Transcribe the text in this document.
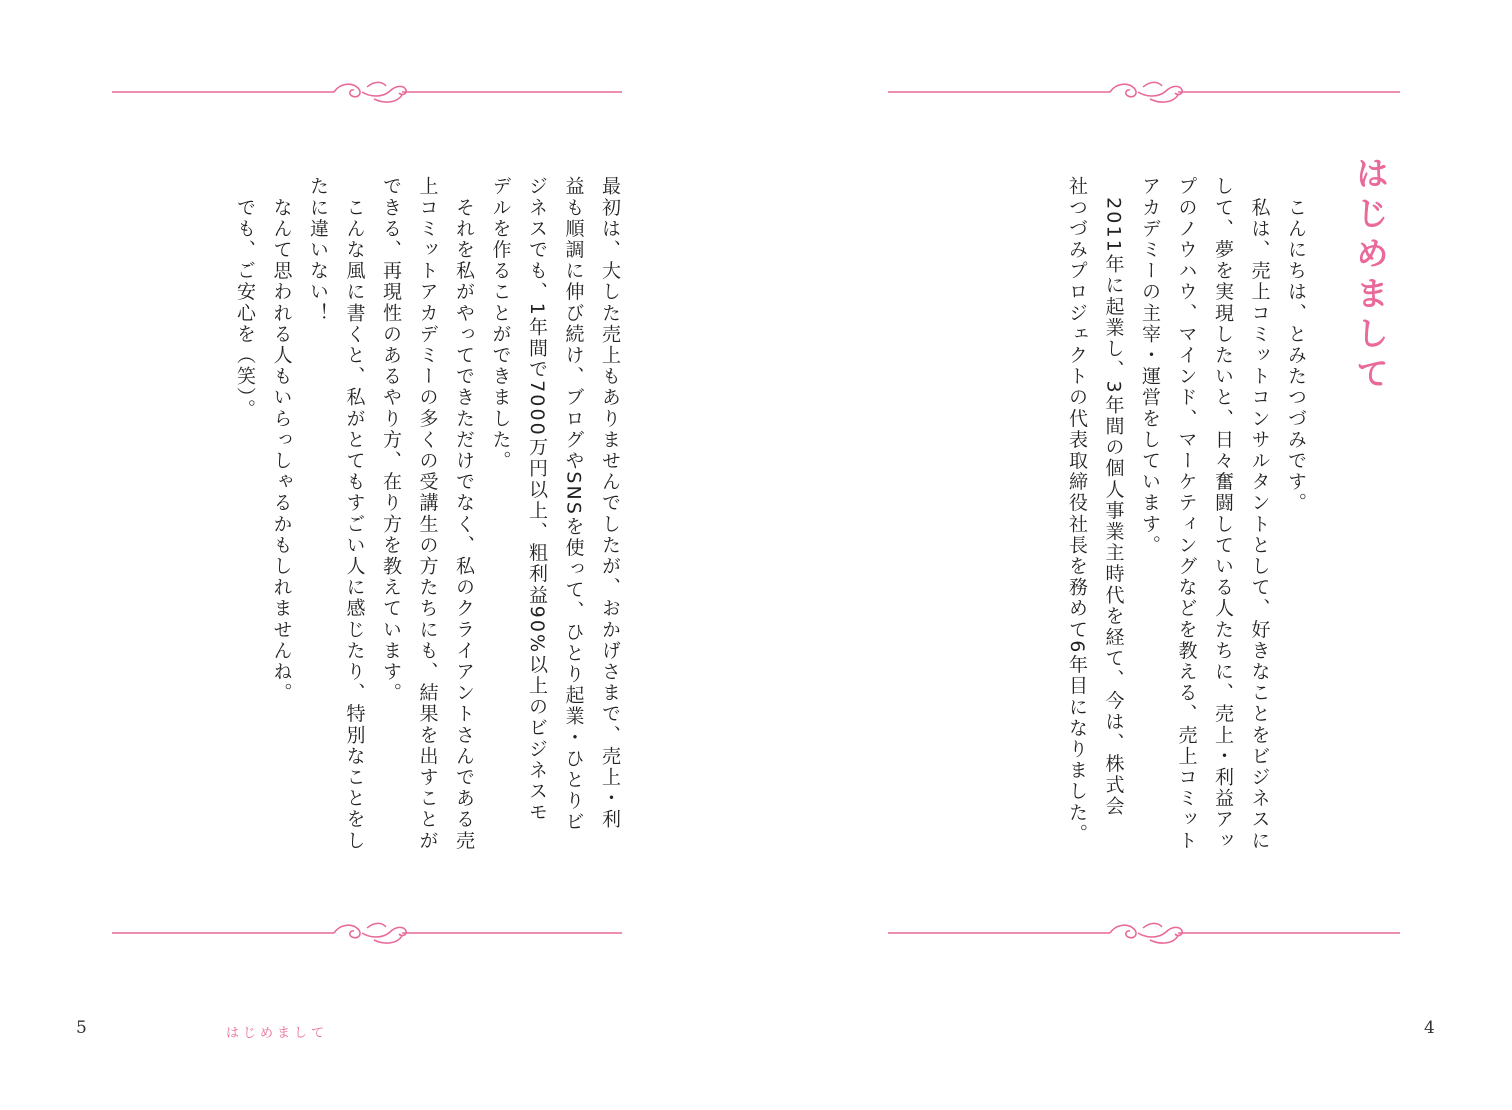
最初は、大した売上もありませんでしたが、おかげさまで、売上・利
益も順調に伸び続け、ブログやSNSを使って、ひとり起業・ひとりビ
ジネスでも、1年間で7000万円以上、粗利益90%以上のビジネスモ
デルを作ることができました。
　それを私がやってできただけでなく、私のクライアントさんである売
上コミットアカデミーの多くの受講生の方たちにも、結果を出すことが
できる、再現性のあるやり方、在り方を教えています。
　こんな風に書くと、私がとてもすごい人に感じたり、特別なことをし
たに違いない！
　なんて思われる人もいらっしゃるかもしれませんね。
　でも、ご安心を（笑）。
5	はじめまして
はじめまして
　こんにちは、とみたつづみです。
　私は、売上コミットコンサルタントとして、好きなことをビジネスに
して、夢を実現したいと、日々奮闘している人たちに、売上・利益アッ
プのノウハウ、マインド、マーケティングなどを教える、売上コミット
アカデミーの主宰・運営をしています。
　2011年に起業し、3年間の個人事業主時代を経て、今は、株式会
社つづみプロジェクトの代表取締役社長を務めて6年目になりました。
4
